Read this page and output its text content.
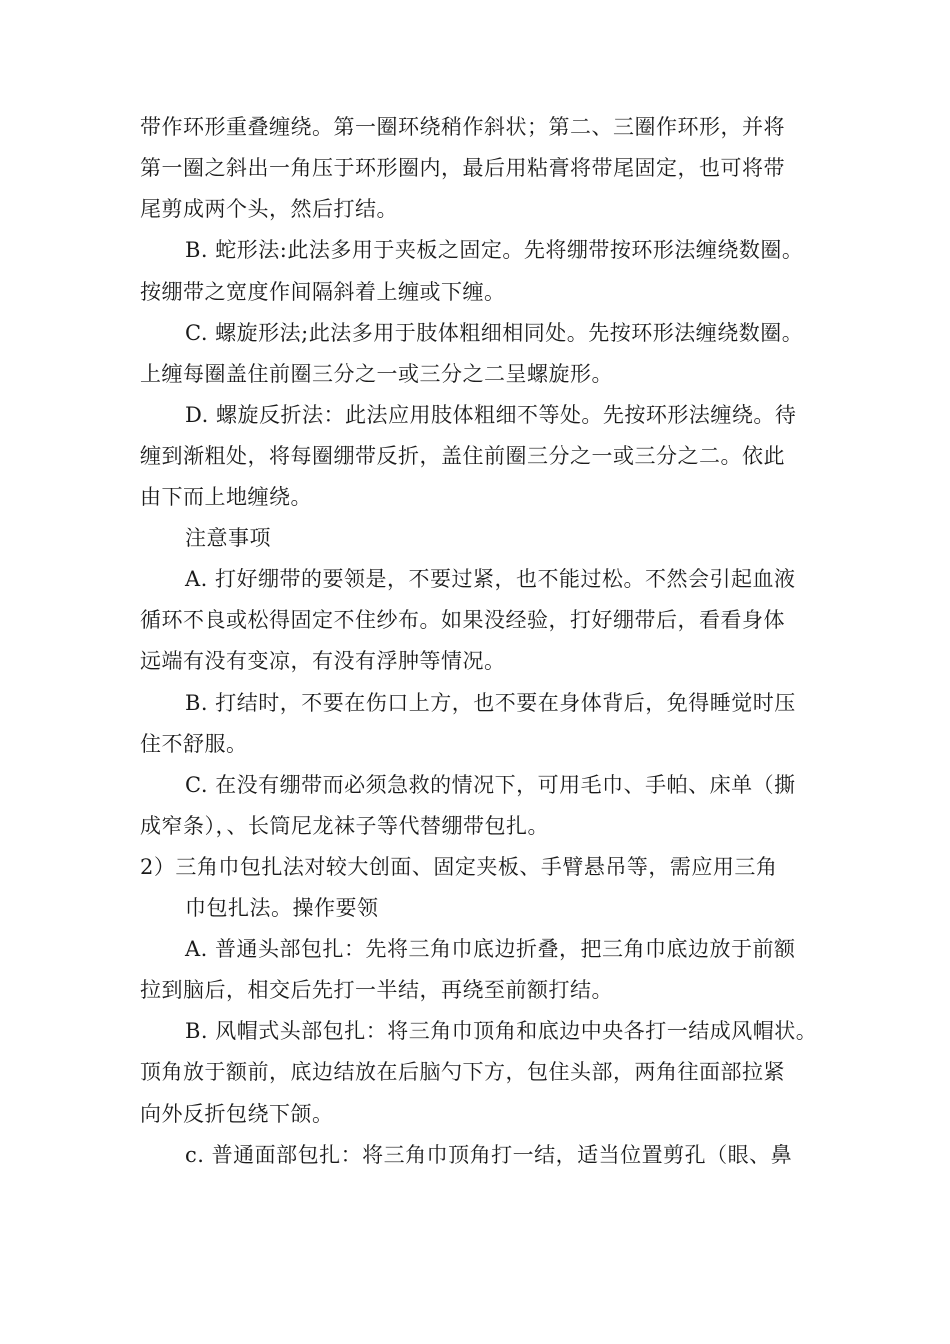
带作环形重叠缠绕。第一圈环绕稍作斜状；第二、三圈作环形，并将
第一圈之斜出一角压于环形圈内，最后用粘膏将带尾固定，也可将带
尾剪成两个头，然后打结。
B. 蛇形法:此法多用于夹板之固定。先将绷带按环形法缠绕数圈。
按绷带之宽度作间隔斜着上缠或下缠。
C. 螺旋形法;此法多用于肢体粗细相同处。先按环形法缠绕数圈。
上缠每圈盖住前圈三分之一或三分之二呈螺旋形。
D. 螺旋反折法：此法应用肢体粗细不等处。先按环形法缠绕。待
缠到渐粗处，将每圈绷带反折，盖住前圈三分之一或三分之二。依此
由下而上地缠绕。
注意事项
A. 打好绷带的要领是，不要过紧，也不能过松。不然会引起血液
循环不良或松得固定不住纱布。如果没经验，打好绷带后，看看身体
远端有没有变凉，有没有浮肿等情况。
B. 打结时，不要在伤口上方，也不要在身体背后，免得睡觉时压
住不舒服。
C. 在没有绷带而必须急救的情况下，可用毛巾、手帕、床单（撕
成窄条），、长筒尼龙袜子等代替绷带包扎。
2）三角巾包扎法对较大创面、固定夹板、手臂悬吊等，需应用三角
巾包扎法。操作要领
A. 普通头部包扎：先将三角巾底边折叠，把三角巾底边放于前额
拉到脑后，相交后先打一半结，再绕至前额打结。
B. 风帽式头部包扎：将三角巾顶角和底边中央各打一结成风帽状。
顶角放于额前，底边结放在后脑勺下方，包住头部，两角往面部拉紧
向外反折包绕下颌。
c. 普通面部包扎：将三角巾顶角打一结，适当位置剪孔（眼、鼻
